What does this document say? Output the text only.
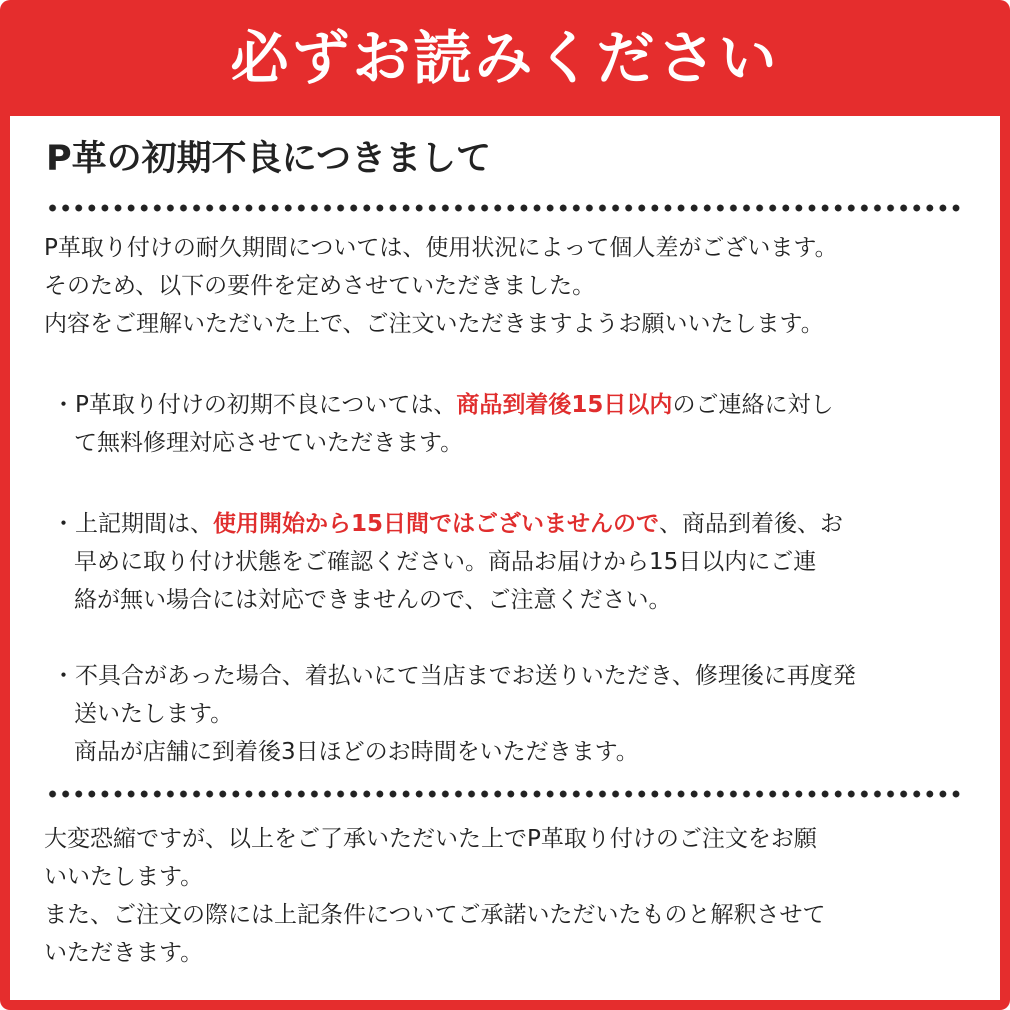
必ずお読みください
P革の初期不良につきまして
P革取り付けの耐久期間については、使用状況によって個人差がございます。
そのため、以下の要件を定めさせていただきました。
内容をご理解いただいた上で、ご注文いただきますようお願いいたします。
・P革取り付けの初期不良については、商品到着後15日以内のご連絡に対し
て無料修理対応させていただきます。
・上記期間は、使用開始から15日間ではございませんので、商品到着後、お
早めに取り付け状態をご確認ください。商品お届けから15日以内にご連
絡が無い場合には対応できませんので、ご注意ください。
・不具合があった場合、着払いにて当店までお送りいただき、修理後に再度発
送いたします。
商品が店舗に到着後3日ほどのお時間をいただきます。
大変恐縮ですが、以上をご了承いただいた上でP革取り付けのご注文をお願
いいたします。
また、ご注文の際には上記条件についてご承諾いただいたものと解釈させて
いただきます。
